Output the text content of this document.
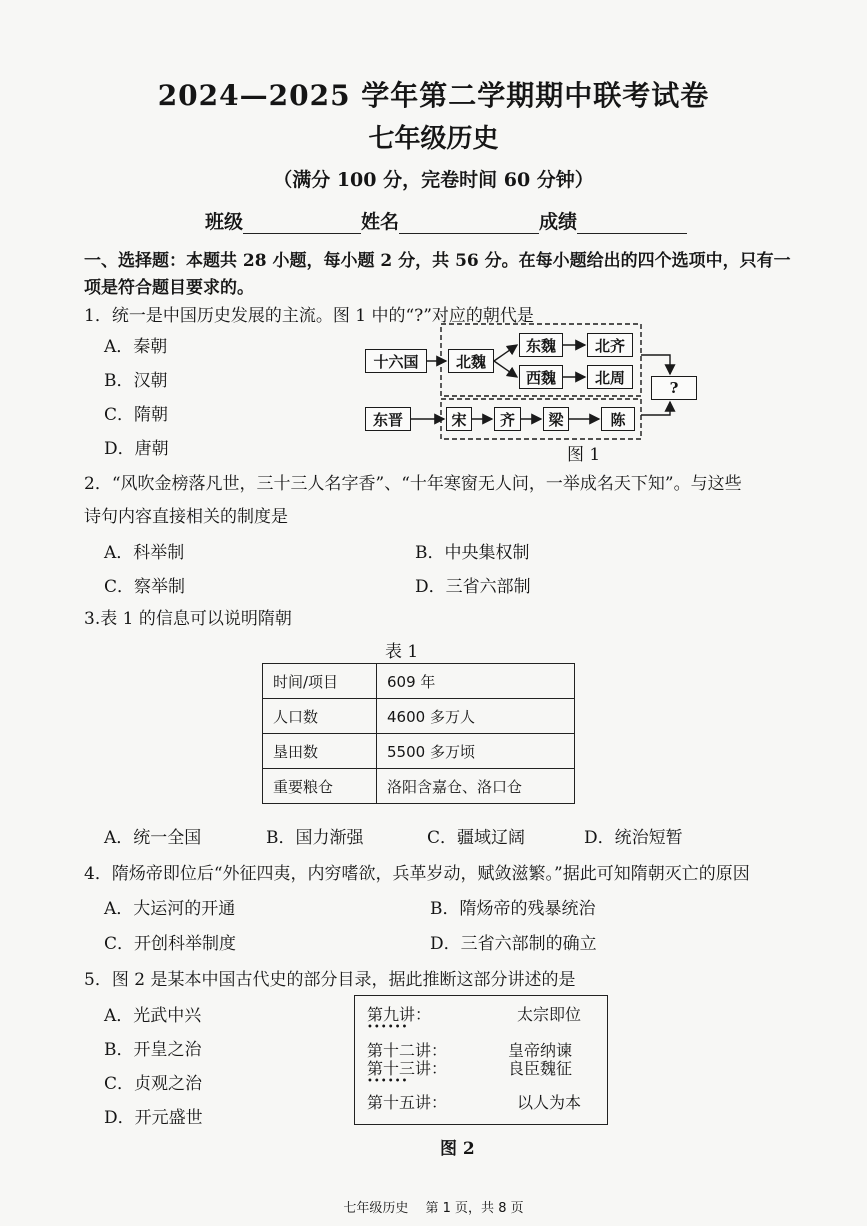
2024—2025 学年第二学期期中联考试卷
七年级历史
（满分 100 分，完卷时间 60 分钟）
班级	姓名	成绩
一、选择题：本题共 28 小题，每小题 2 分，共 56 分。在每小题给出的四个选项中，只有一
项是符合题目要求的。
1．统一是中国历史发展的主流。图 1 中的“?”对应的朝代是
A．秦朝
B．汉朝
C．隋朝
D．唐朝
十六国	北魏
东魏	北齐
西魏	北周
?
东晋	宋	齐	梁	陈
图 1
2．“风吹金榜落凡世，三十三人名字香”、“十年寒窗无人问，一举成名天下知”。与这些
诗句内容直接相关的制度是
A．科举制	B．中央集权制
C．察举制	D．三省六部制
3.表 1 的信息可以说明隋朝
表 1
时间/项目	609 年
人口数	4600 多万人
垦田数	5500 多万顷
重要粮仓	洛阳含嘉仓、洛口仓
A．统一全国	B．国力渐强	C．疆域辽阔	D．统治短暂
4．隋炀帝即位后“外征四夷，内穷嗜欲，兵革岁动，赋敛滋繁。”据此可知隋朝灭亡的原因
A．大运河的开通	B．隋炀帝的残暴统治
C．开创科举制度	D．三省六部制的确立
5．图 2 是某本中国古代史的部分目录，据此推断这部分讲述的是
A．光武中兴
B．开皇之治
C．贞观之治
D．开元盛世
第九讲：	太宗即位
••••••
第十二讲：	皇帝纳谏
第十三讲：	良臣魏征
••••••
第十五讲：	以人为本
图 2
七年级历史　 第 1 页，共 8 页
